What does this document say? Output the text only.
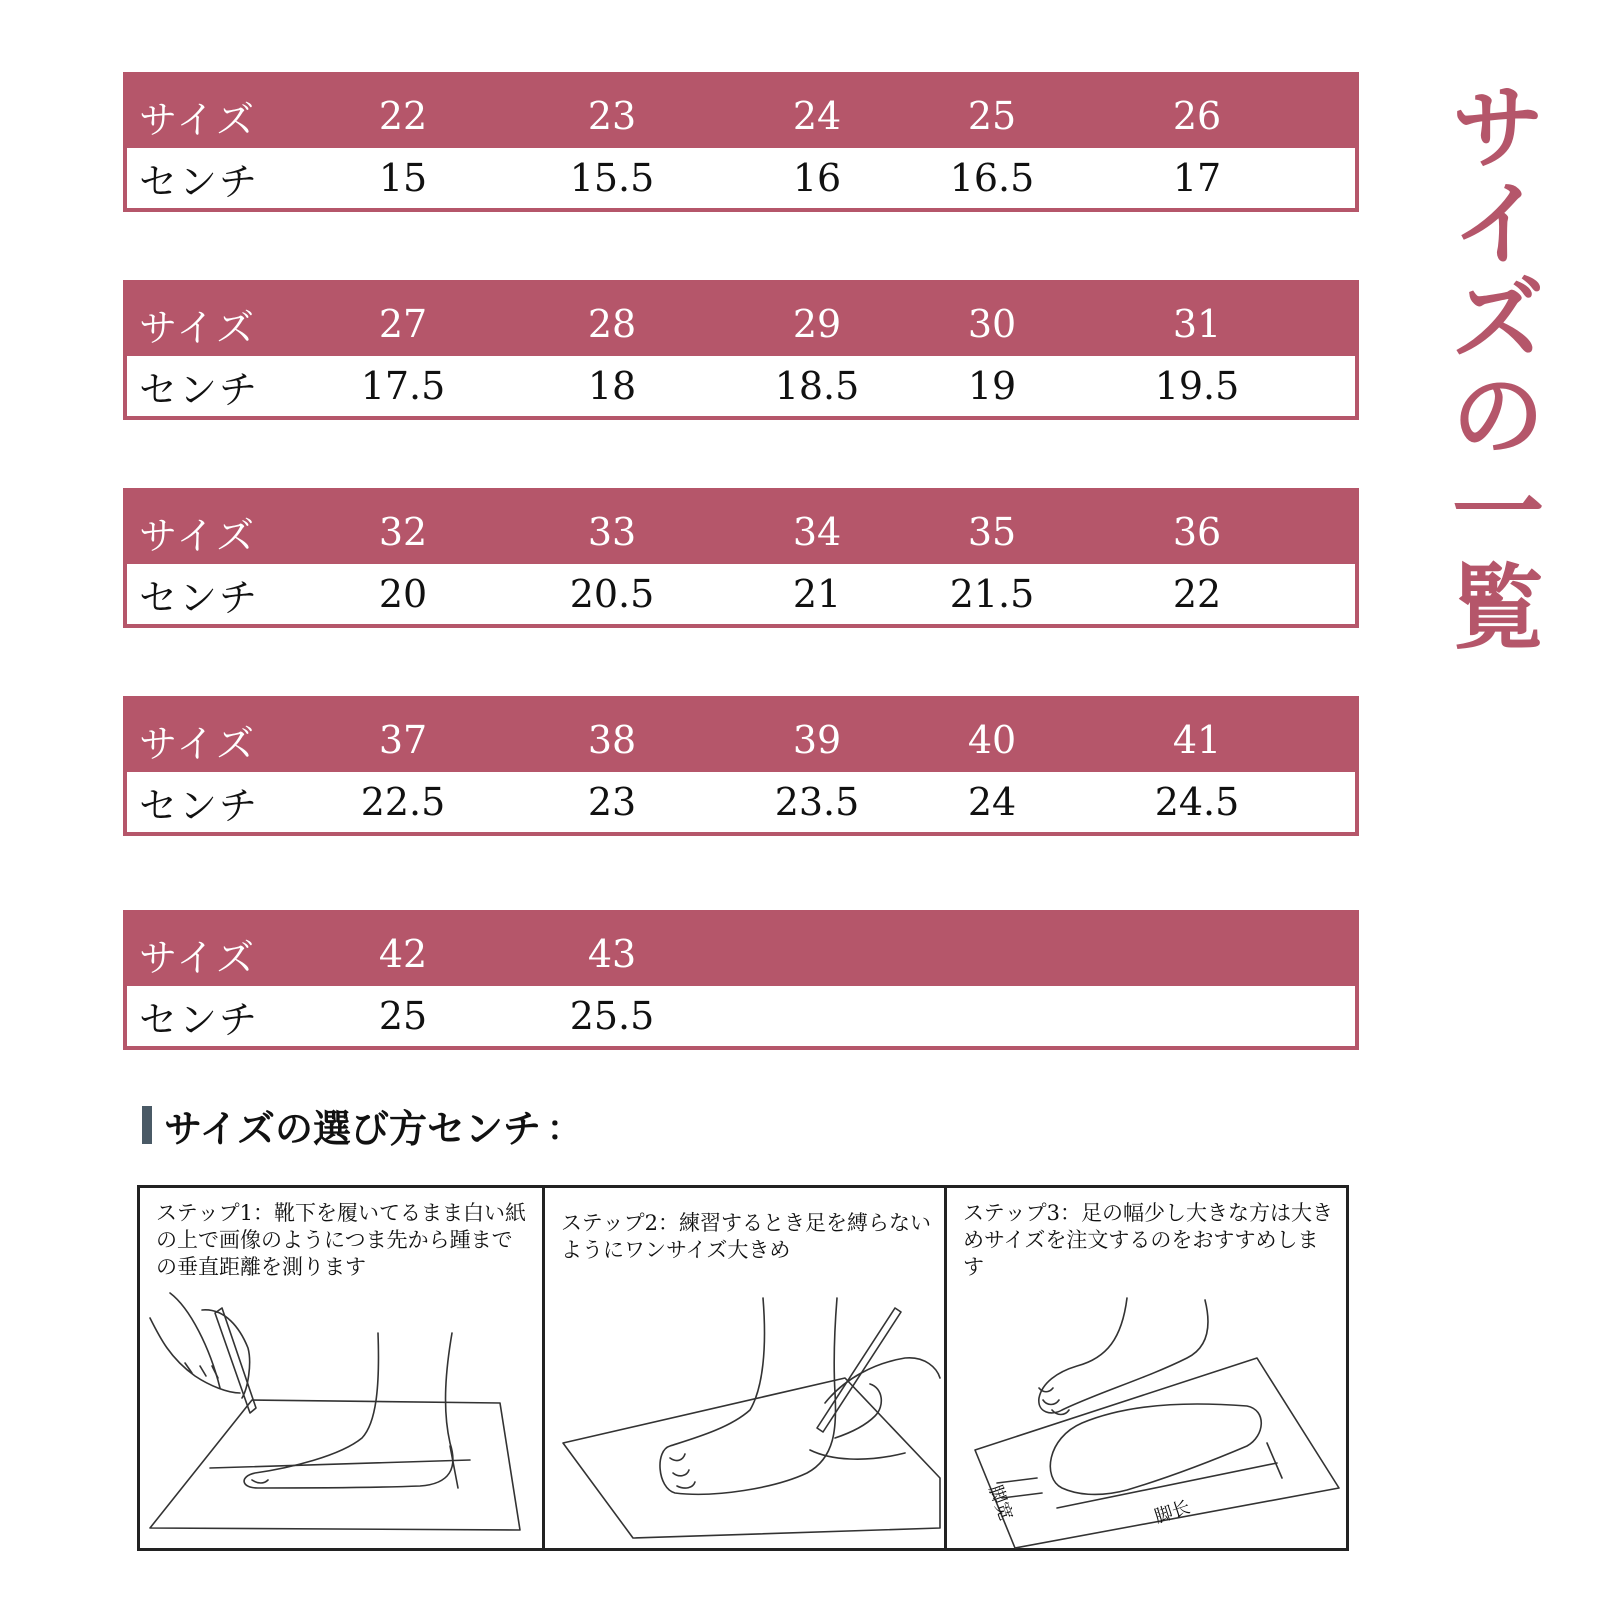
サイズ	22	23	24	25	26
センチ	15	15.5	16	16.5	17
サイズ	27	28	29	30	31
センチ	17.5	18	18.5	19	19.5
サイズ	32	33	34	35	36
センチ	20	20.5	21	21.5	22
サイズ	37	38	39	40	41
センチ	22.5	23	23.5	24	24.5
サイズ	42	43
センチ	25	25.5
サ
イ
ズ
の
一
覧
サイズの選び方センチ ：
ステップ1：靴下を履いてるまま白い紙の上で画像のようにつま先から踵までの垂直距離を測ります
ステップ2：練習するとき足を縛らないようにワンサイズ大きめ
ステップ3：足の幅少し大きな方は大きめサイズを注文するのをおすすめします
脚宽	脚长
